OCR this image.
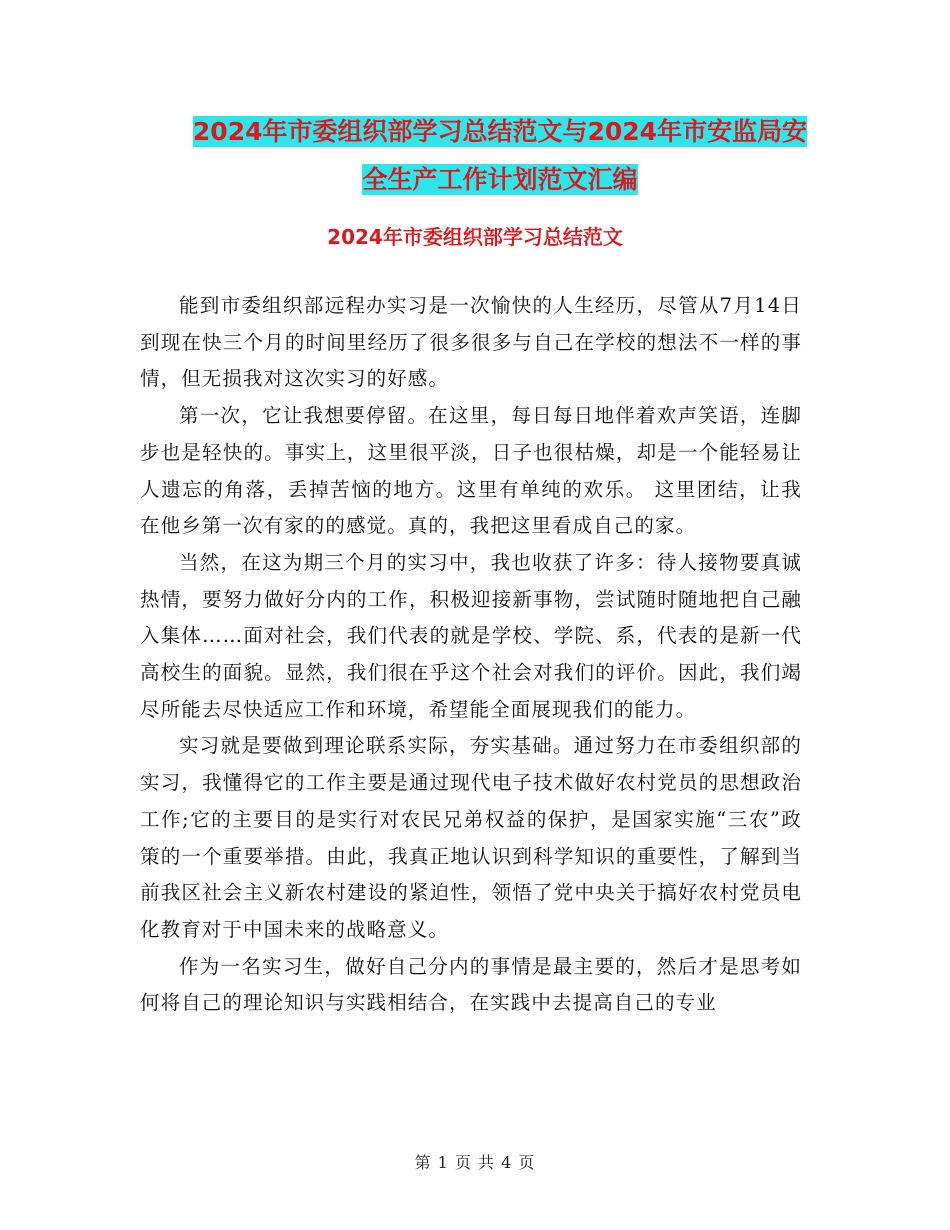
2024年市委组织部学习总结范文与2024年市安监局安
全生产工作计划范文汇编
2024年市委组织部学习总结范文

能到市委组织部远程办实习是一次愉快的人生经历，尽管从7月14日到现在快三个月的时间里经历了很多很多与自己在学校的想法不一样的事情，但无损我对这次实习的好感。

第一次，它让我想要停留。在这里，每日每日地伴着欢声笑语，连脚步也是轻快的。事实上，这里很平淡，日子也很枯燥，却是一个能轻易让人遗忘的角落，丢掉苦恼的地方。这里有单纯的欢乐。 这里团结，让我在他乡第一次有家的的感觉。真的，我把这里看成自己的家。

当然，在这为期三个月的实习中，我也收获了许多：待人接物要真诚热情，要努力做好分内的工作，积极迎接新事物，尝试随时随地把自己融入集体……面对社会，我们代表的就是学校、学院、系，代表的是新一代高校生的面貌。显然，我们很在乎这个社会对我们的评价。因此，我们竭尽所能去尽快适应工作和环境，希望能全面展现我们的能力。

实习就是要做到理论联系实际，夯实基础。通过努力在市委组织部的实习，我懂得它的工作主要是通过现代电子技术做好农村党员的思想政治工作;它的主要目的是实行对农民兄弟权益的保护，是国家实施“三农”政策的一个重要举措。由此，我真正地认识到科学知识的重要性，了解到当前我区社会主义新农村建设的紧迫性，领悟了党中央关于搞好农村党员电化教育对于中国未来的战略意义。

作为一名实习生，做好自己分内的事情是最主要的，然后才是思考如何将自己的理论知识与实践相结合，在实践中去提高自己的专业

第 1 页 共 4 页
